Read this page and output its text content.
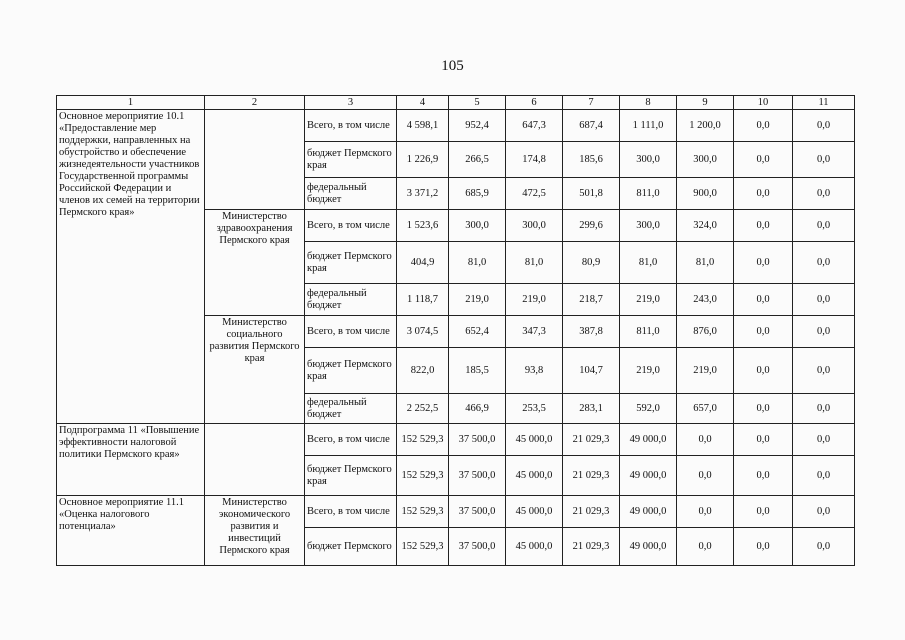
105
1	2	3	4	5	6	7	8	9	10	11
Основное мероприятие 10.1 «Предоставление мер поддержки, направленных на обустройство и обеспечение жизнедеятельности участников Государственной программы Российской Федерации и членов их семей на территории Пермского края»		Всего, в том числе	4 598,1	952,4	647,3	687,4	1 111,0	1 200,0	0,0	0,0
		бюджет Пермского края	1 226,9	266,5	174,8	185,6	300,0	300,0	0,0	0,0
		федеральный бюджет	3 371,2	685,9	472,5	501,8	811,0	900,0	0,0	0,0
	Министерство здравоохранения Пермского края	Всего, в том числе	1 523,6	300,0	300,0	299,6	300,0	324,0	0,0	0,0
		бюджет Пермского края	404,9	81,0	81,0	80,9	81,0	81,0	0,0	0,0
		федеральный бюджет	1 118,7	219,0	219,0	218,7	219,0	243,0	0,0	0,0
	Министерство социального развития Пермского края	Всего, в том числе	3 074,5	652,4	347,3	387,8	811,0	876,0	0,0	0,0
		бюджет Пермского края	822,0	185,5	93,8	104,7	219,0	219,0	0,0	0,0
		федеральный бюджет	2 252,5	466,9	253,5	283,1	592,0	657,0	0,0	0,0
Подпрограмма 11 «Повышение эффективности налоговой политики Пермского края»		Всего, в том числе	152 529,3	37 500,0	45 000,0	21 029,3	49 000,0	0,0	0,0	0,0
		бюджет Пермского края	152 529,3	37 500,0	45 000,0	21 029,3	49 000,0	0,0	0,0	0,0
Основное мероприятие 11.1 «Оценка налогового потенциала»	Министерство экономического развития и инвестиций Пермского края	Всего, в том числе	152 529,3	37 500,0	45 000,0	21 029,3	49 000,0	0,0	0,0	0,0
		бюджет Пермского	152 529,3	37 500,0	45 000,0	21 029,3	49 000,0	0,0	0,0	0,0
